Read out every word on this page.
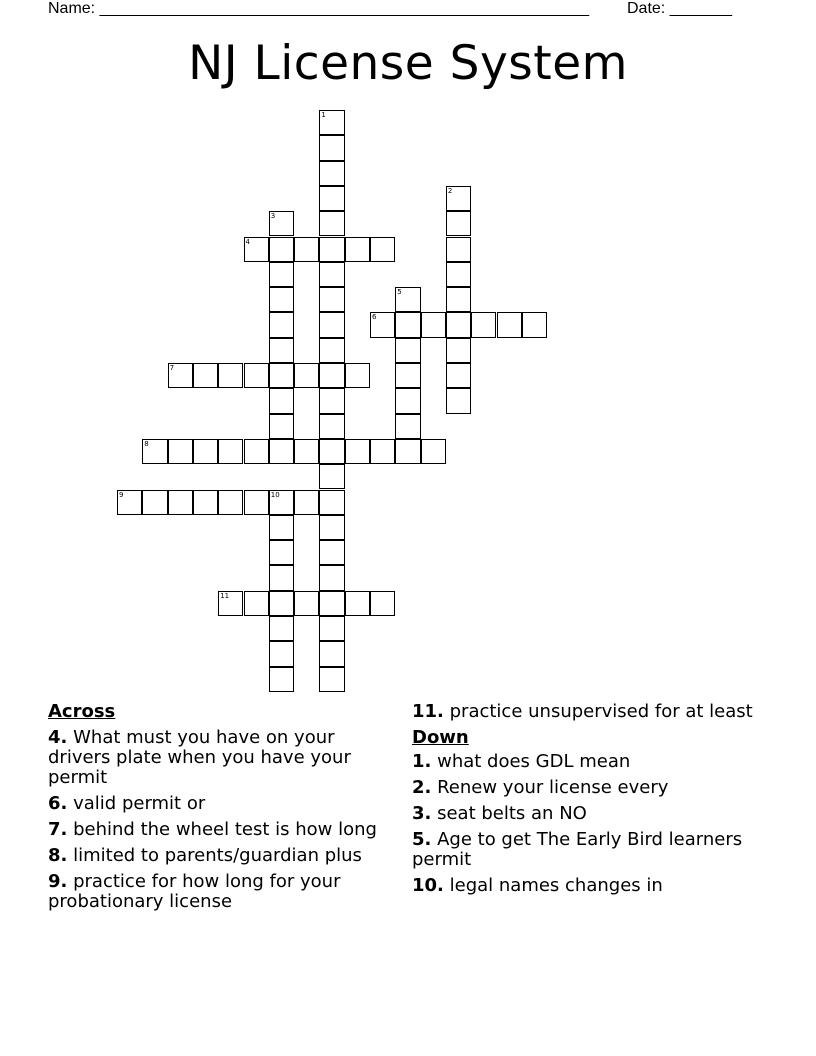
Name: _______________________________________________________ Date: _______
NJ License System
1
2
3
4
5
6
7
8
9	10
11
Across
4. What must you have on your drivers plate when you have your permit
6. valid permit or
7. behind the wheel test is how long
8. limited to parents/guardian plus
9. practice for how long for your probationary license
11. practice unsupervised for at least
Down
1. what does GDL mean
2. Renew your license every
3. seat belts an NO
5. Age to get The Early Bird learners permit
10. legal names changes in
